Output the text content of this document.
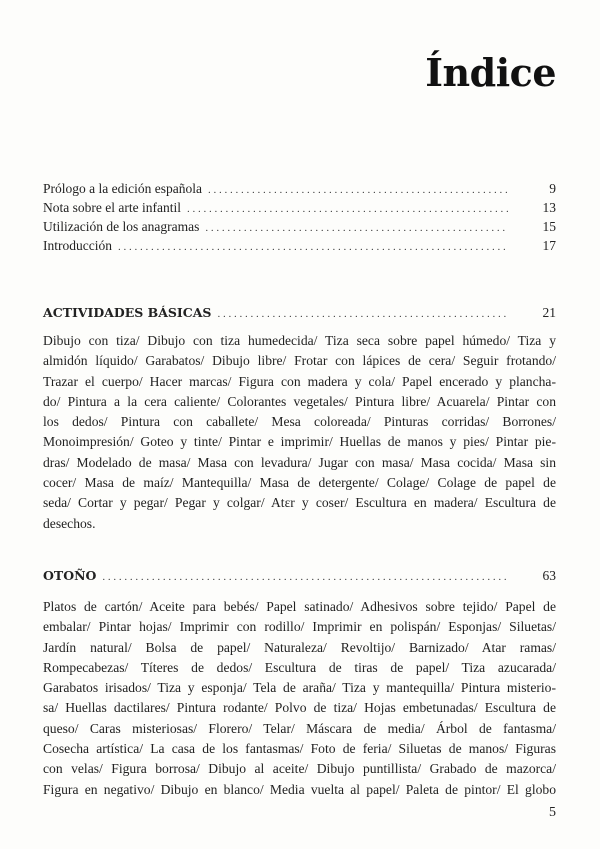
Índice
Prólogo a la edición española . . .	9
Nota sobre el arte infantil . . .	13
Utilización de los anagramas . . .	15
Introducción . . .	17
ACTIVIDADES BÁSICAS . . .	21
Dibujo con tiza/ Dibujo con tiza humedecida/ Tiza seca sobre papel húmedo/ Tiza y
almidón líquido/ Garabatos/ Dibujo libre/ Frotar con lápices de cera/ Seguir frotando/
Trazar el cuerpo/ Hacer marcas/ Figura con madera y cola/ Papel encerado y plancha-
do/ Pintura a la cera caliente/ Colorantes vegetales/ Pintura libre/ Acuarela/ Pintar con
los dedos/ Pintura con caballete/ Mesa coloreada/ Pinturas corridas/ Borrones/
Monoimpresión/ Goteo y tinte/ Pintar e imprimir/ Huellas de manos y pies/ Pintar pie-
dras/ Modelado de masa/ Masa con levadura/ Jugar con masa/ Masa cocida/ Masa sin
cocer/ Masa de maíz/ Mantequilla/ Masa de detergente/ Colage/ Colage de papel de
seda/ Cortar y pegar/ Pegar y colgar/ Atεr y coser/ Escultura en madera/ Escultura de
desechos.
OTOÑO . . .	63
Platos de cartón/ Aceite para bebés/ Papel satinado/ Adhesivos sobre tejido/ Papel de
embalar/ Pintar hojas/ Imprimir con rodillo/ Imprimir en polispán/ Esponjas/ Siluetas/
Jardín natural/ Bolsa de papel/ Naturaleza/ Revoltijo/ Barnizado/ Atar ramas/
Rompecabezas/ Títeres de dedos/ Escultura de tiras de papel/ Tiza azucarada/
Garabatos irisados/ Tiza y esponja/ Tela de araña/ Tiza y mantequilla/ Pintura misterio-
sa/ Huellas dactilares/ Pintura rodante/ Polvo de tiza/ Hojas embetunadas/ Escultura de
queso/ Caras misteriosas/ Florero/ Telar/ Máscara de media/ Árbol de fantasma/
Cosecha artística/ La casa de los fantasmas/ Foto de feria/ Siluetas de manos/ Figuras
con velas/ Figura borrosa/ Dibujo al aceite/ Dibujo puntillista/ Grabado de mazorca/
Figura en negativo/ Dibujo en blanco/ Media vuelta al papel/ Paleta de pintor/ El globo
5
